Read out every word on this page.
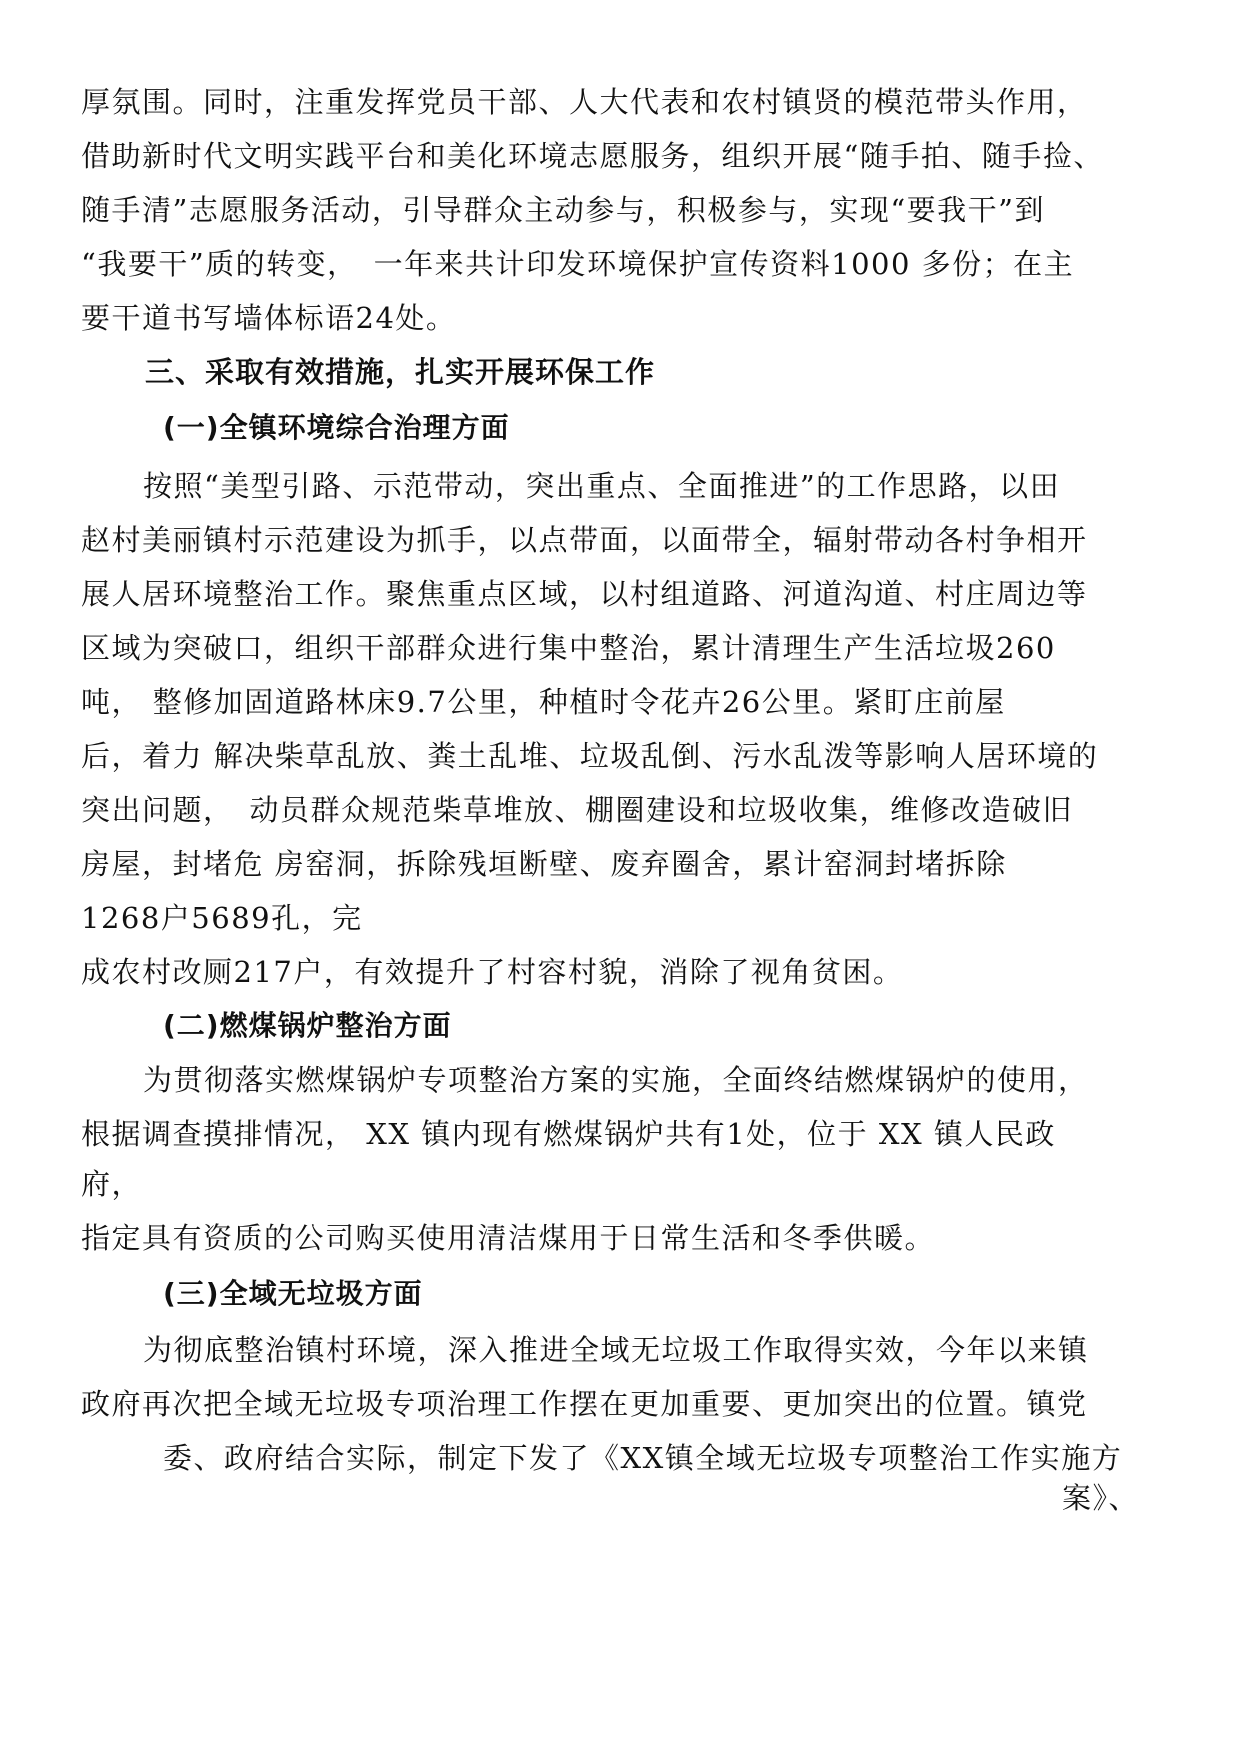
厚氛围。同时，注重发挥党员干部、人大代表和农村镇贤的模范带头作用，
借助新时代文明实践平台和美化环境志愿服务，组织开展“随手拍、随手捡、
随手清”志愿服务活动，引导群众主动参与，积极参与，实现“要我干”到
“我要干”质的转变，　一年来共计印发环境保护宣传资料1000 多份；在主
要干道书写墙体标语24处。
三、采取有效措施，扎实开展环保工作
(一)全镇环境综合治理方面
按照“美型引路、示范带动，突出重点、全面推进”的工作思路，以田
赵村美丽镇村示范建设为抓手，以点带面，以面带全，辐射带动各村争相开
展人居环境整治工作。聚焦重点区域，以村组道路、河道沟道、村庄周边等
区域为突破口，组织干部群众进行集中整治，累计清理生产生活垃圾260
吨， 整修加固道路林床9.7公里，种植时令花卉26公里。紧盯庄前屋
后，着力 解决柴草乱放、粪土乱堆、垃圾乱倒、污水乱泼等影响人居环境的
突出问题，　动员群众规范柴草堆放、棚圈建设和垃圾收集，维修改造破旧
房屋，封堵危 房窑洞，拆除残垣断壁、废弃圈舍，累计窑洞封堵拆除
1268户5689孔，完
成农村改厕217户，有效提升了村容村貌，消除了视角贫困。
(二)燃煤锅炉整治方面
为贯彻落实燃煤锅炉专项整治方案的实施，全面终结燃煤锅炉的使用，
根据调查摸排情况， XX 镇内现有燃煤锅炉共有1处，位于 XX 镇人民政
府，
指定具有资质的公司购买使用清洁煤用于日常生活和冬季供暖。
(三)全域无垃圾方面
为彻底整治镇村环境，深入推进全域无垃圾工作取得实效，今年以来镇
政府再次把全域无垃圾专项治理工作摆在更加重要、更加突出的位置。镇党
委、政府结合实际，制定下发了《XX镇全域无垃圾专项整治工作实施方
案》、
